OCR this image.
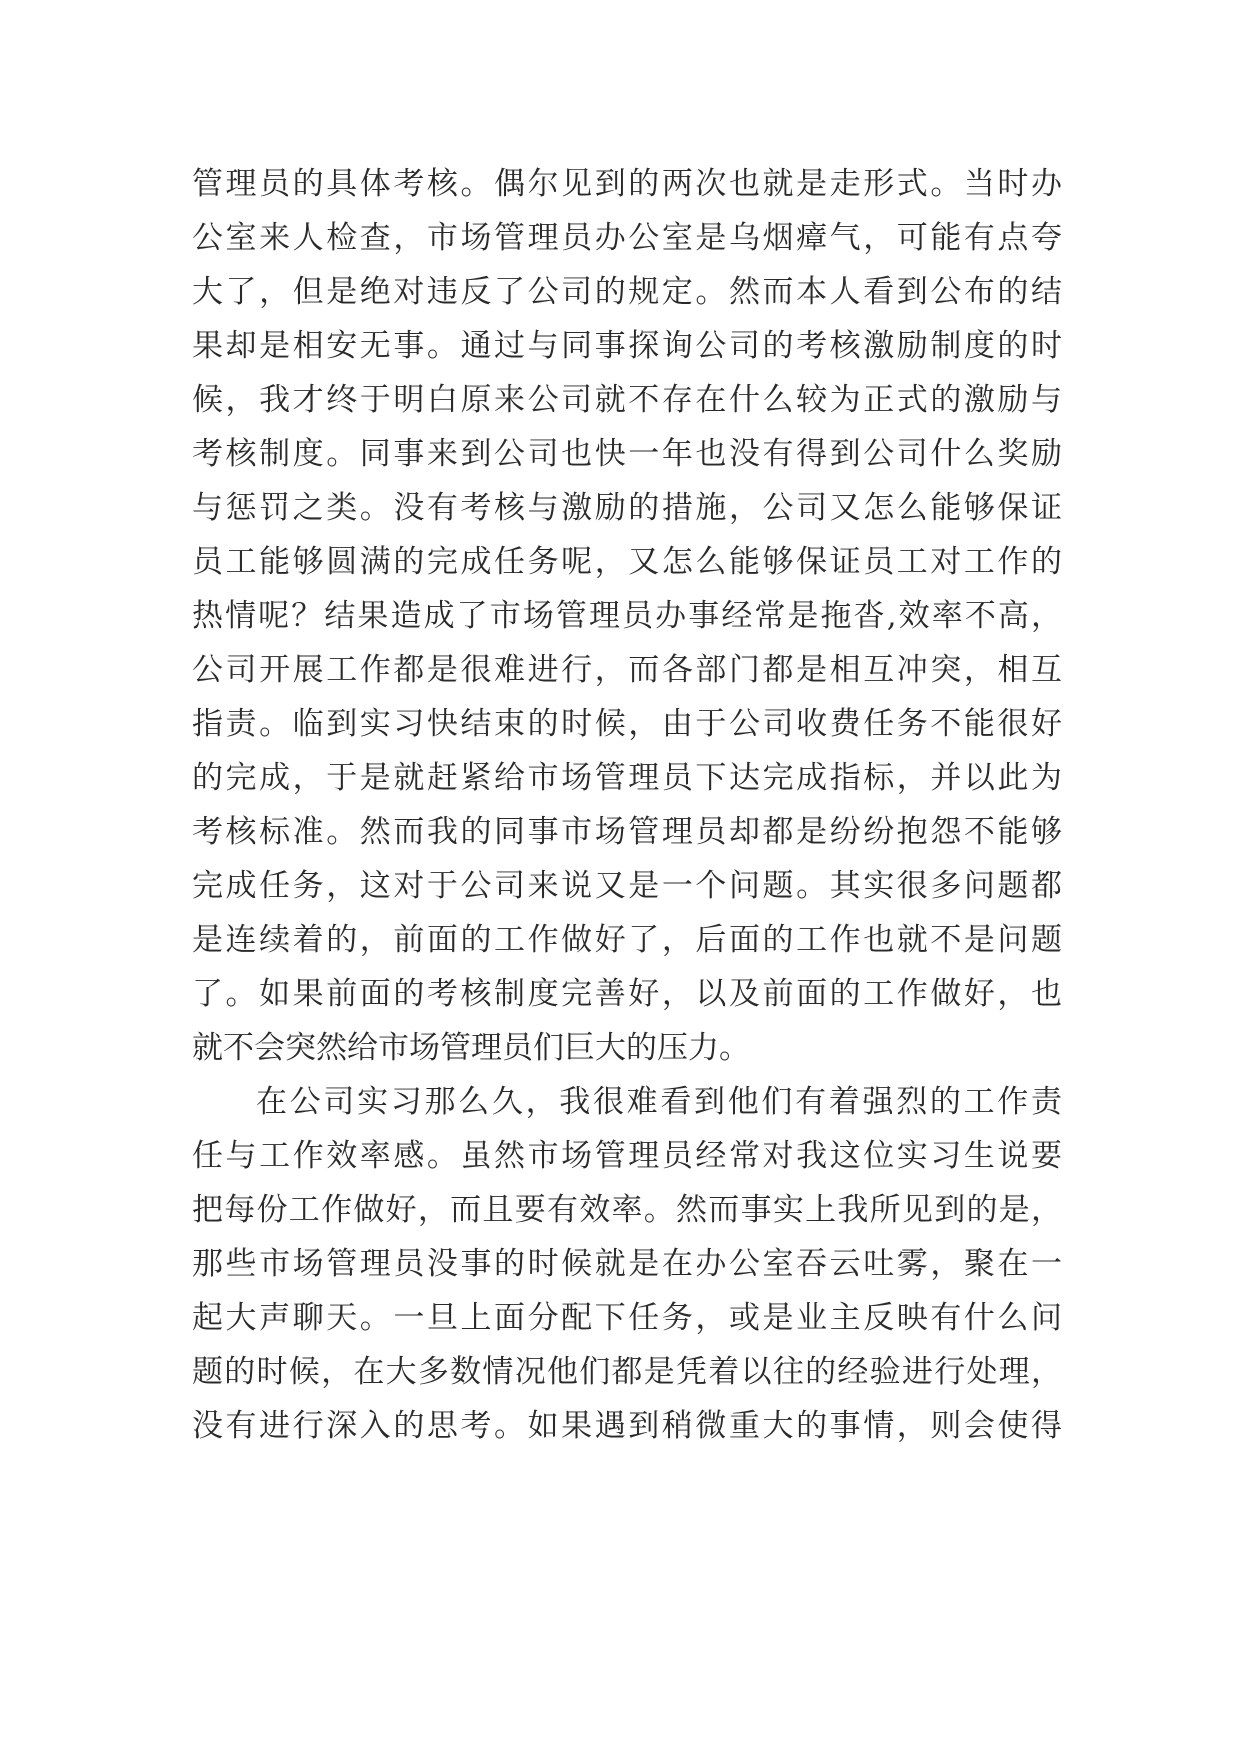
管理员的具体考核。偶尔见到的两次也就是走形式。当时办
公室来人检查，市场管理员办公室是乌烟瘴气，可能有点夸
大了，但是绝对违反了公司的规定。然而本人看到公布的结
果却是相安无事。通过与同事探询公司的考核激励制度的时
候，我才终于明白原来公司就不存在什么较为正式的激励与
考核制度。同事来到公司也快一年也没有得到公司什么奖励
与惩罚之类。没有考核与激励的措施，公司又怎么能够保证
员工能够圆满的完成任务呢，又怎么能够保证员工对工作的
热情呢？结果造成了市场管理员办事经常是拖沓,效率不高，
公司开展工作都是很难进行，而各部门都是相互冲突，相互
指责。临到实习快结束的时候，由于公司收费任务不能很好
的完成，于是就赶紧给市场管理员下达完成指标，并以此为
考核标准。然而我的同事市场管理员却都是纷纷抱怨不能够
完成任务，这对于公司来说又是一个问题。其实很多问题都
是连续着的，前面的工作做好了，后面的工作也就不是问题
了。如果前面的考核制度完善好，以及前面的工作做好，也
就不会突然给市场管理员们巨大的压力。
在公司实习那么久，我很难看到他们有着强烈的工作责
任与工作效率感。虽然市场管理员经常对我这位实习生说要
把每份工作做好，而且要有效率。然而事实上我所见到的是，
那些市场管理员没事的时候就是在办公室吞云吐雾，聚在一
起大声聊天。一旦上面分配下任务，或是业主反映有什么问
题的时候，在大多数情况他们都是凭着以往的经验进行处理，
没有进行深入的思考。如果遇到稍微重大的事情，则会使得
